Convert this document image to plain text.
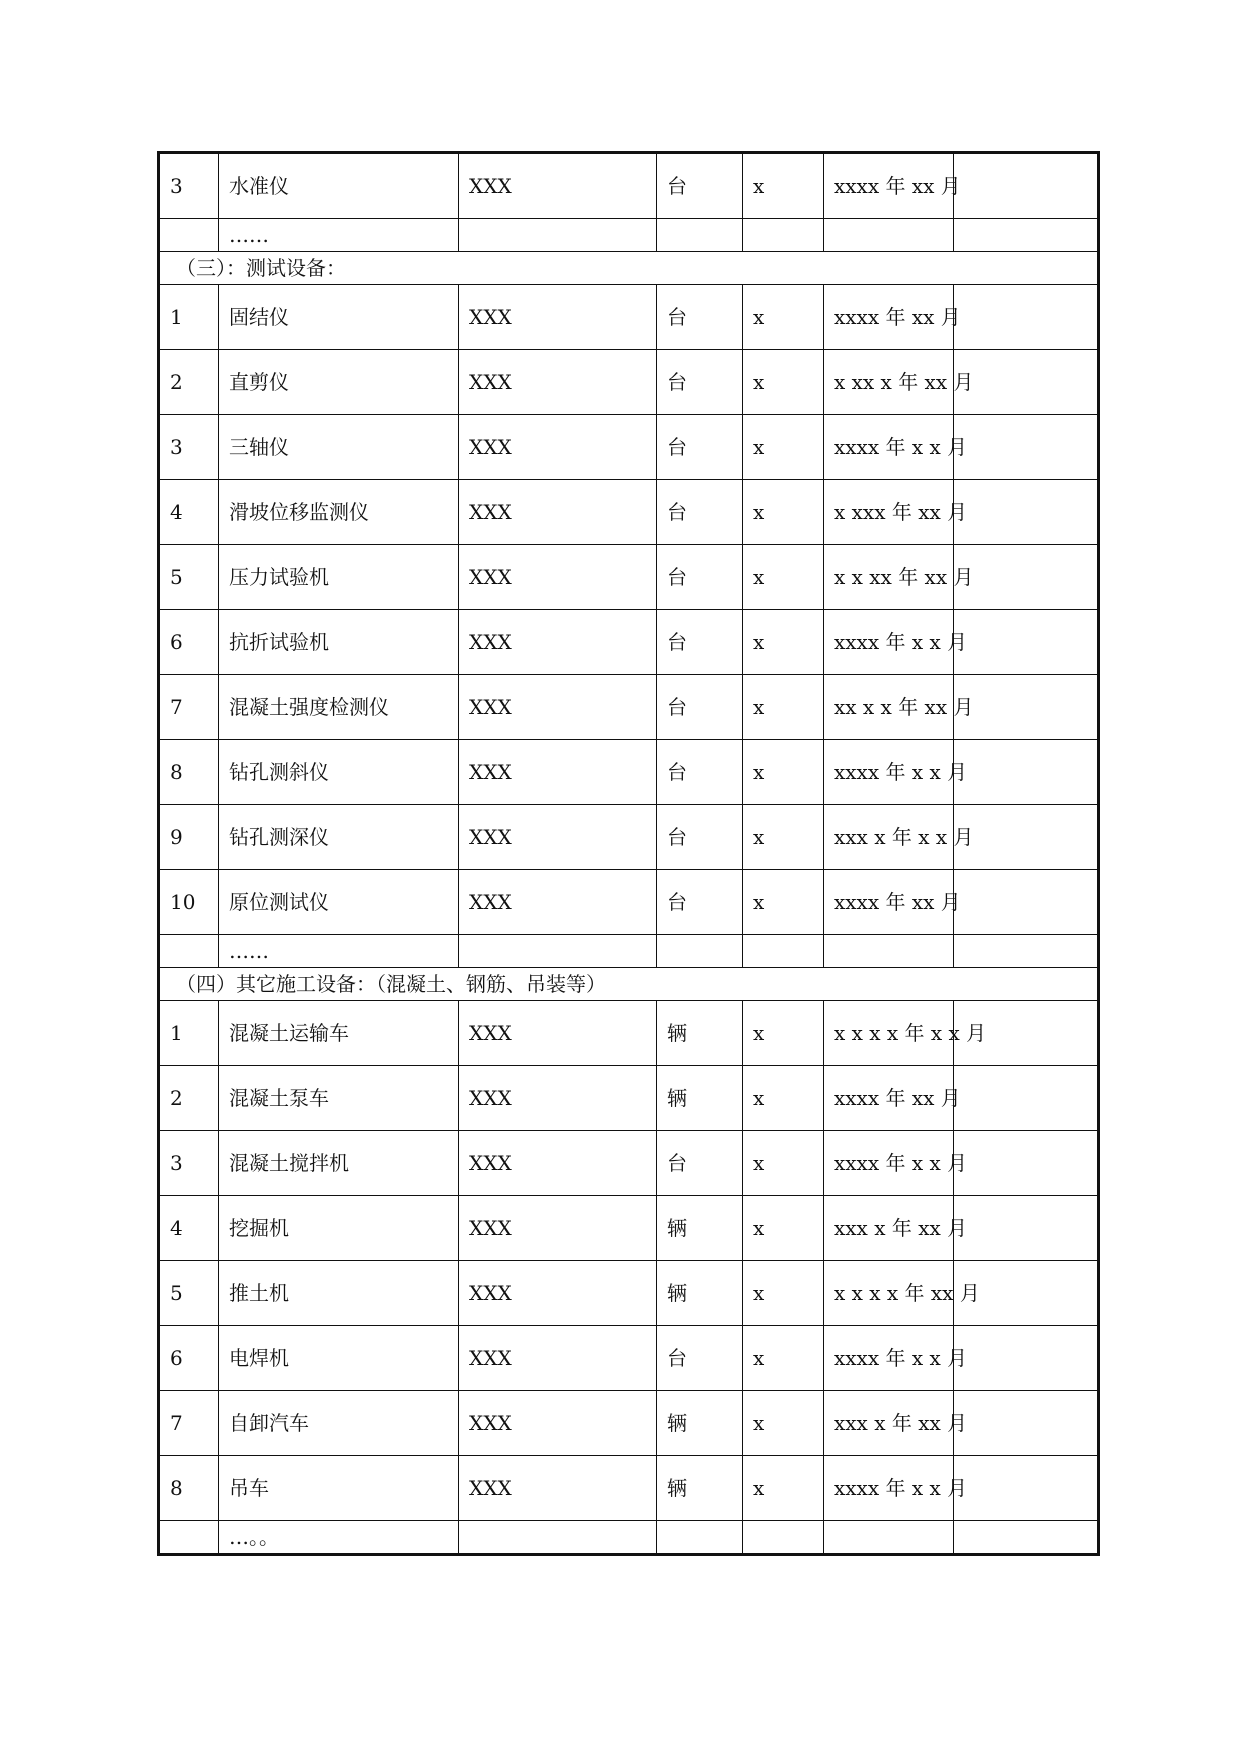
3	水准仪	XXX	台	x	xxxx 年 xx 月	
	……					
（三）：测试设备：						
1	固结仪	XXX	台	x	xxxx 年 xx 月	
2	直剪仪	XXX	台	x	x xx x 年 xx 月	
3	三轴仪	XXX	台	x	xxxx 年 x x 月	
4	滑坡位移监测仪	XXX	台	x	x xxx 年 xx 月	
5	压力试验机	XXX	台	x	x x xx 年 xx 月	
6	抗折试验机	XXX	台	x	xxxx 年 x x 月	
7	混凝土强度检测仪	XXX	台	x	xx x x 年 xx 月	
8	钻孔测斜仪	XXX	台	x	xxxx 年 x x 月	
9	钻孔测深仪	XXX	台	x	xxx x 年 x x 月	
10	原位测试仪	XXX	台	x	xxxx 年 xx 月	
	……					
（四）其它施工设备：（混凝土、钢筋、吊装等）						
1	混凝土运输车	XXX	辆	x	x x x x 年 x x 月	
2	混凝土泵车	XXX	辆	x	xxxx 年 xx 月	
3	混凝土搅拌机	XXX	台	x	xxxx 年 x x 月	
4	挖掘机	XXX	辆	x	xxx x 年 xx 月	
5	推土机	XXX	辆	x	x x x x 年 xx 月	
6	电焊机	XXX	台	x	xxxx 年 x x 月	
7	自卸汽车	XXX	辆	x	xxx x 年 xx 月	
8	吊车	XXX	辆	x	xxxx 年 x x 月	
	…。。					
